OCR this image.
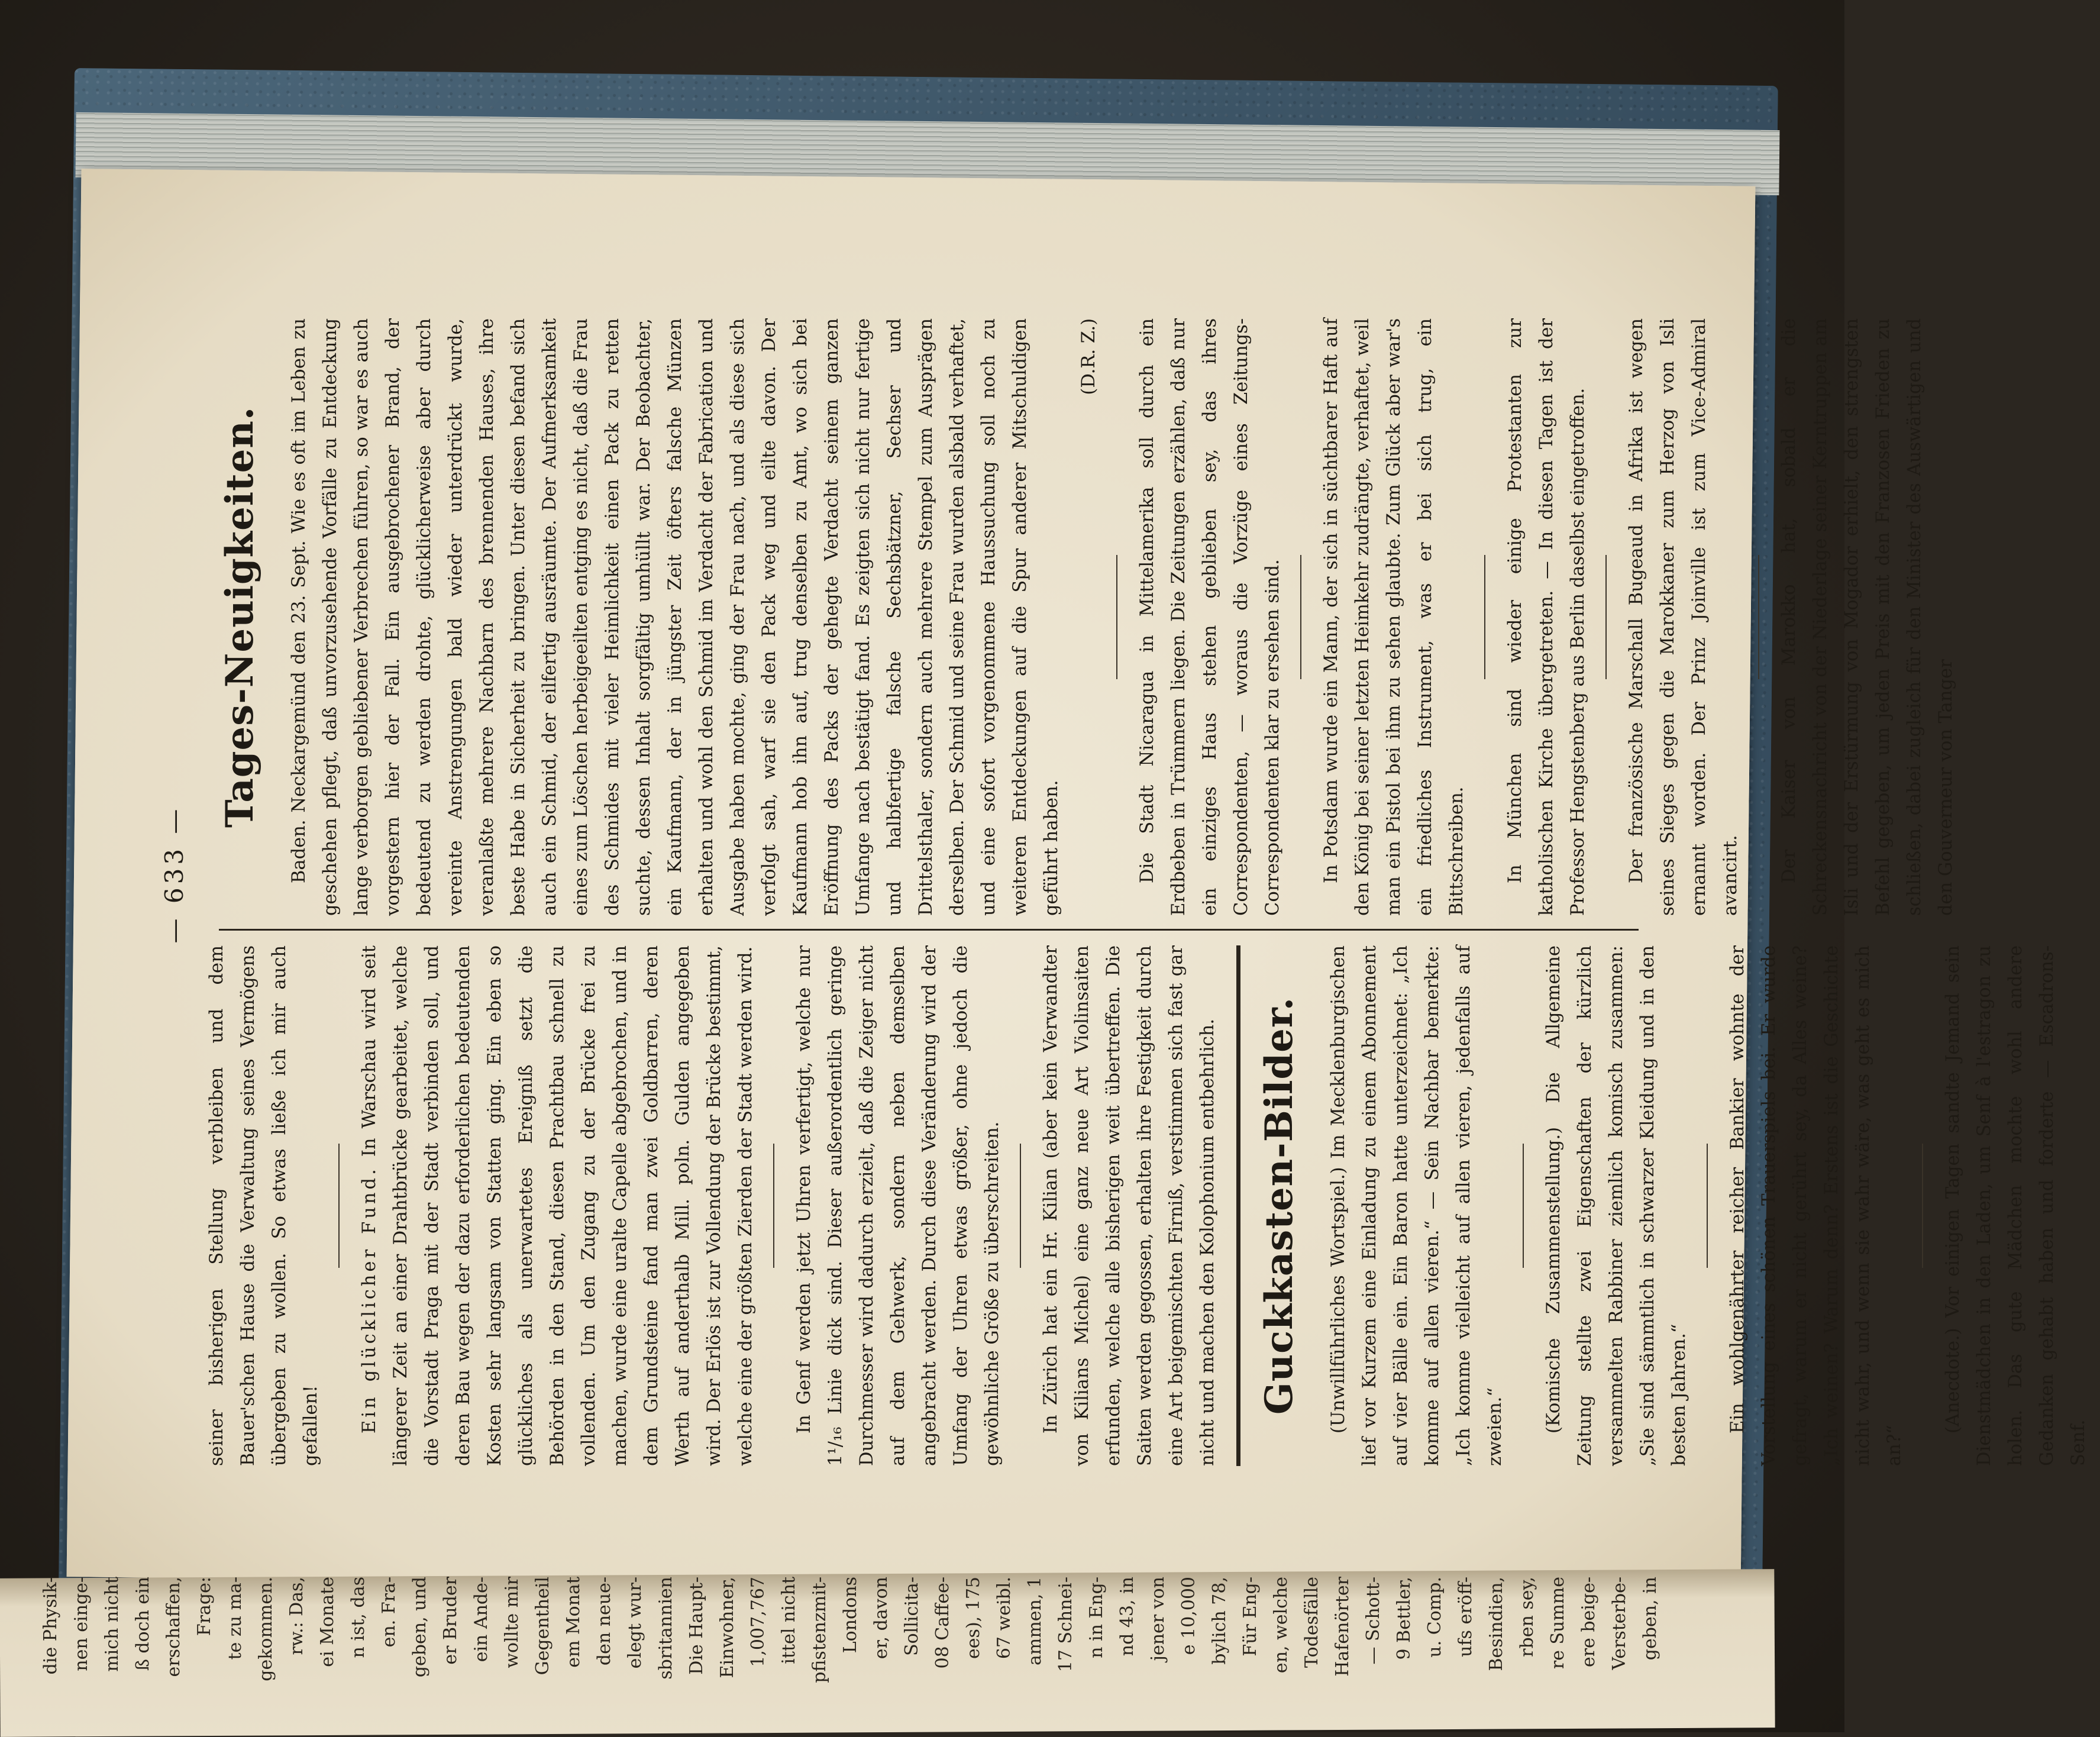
— 633 —

seiner bisherigen Stellung verbleiben und dem Bauer'schen Hause die Verwaltung seines Vermögens übergeben zu wollen. So etwas ließe ich mir auch gefallen! Ein glücklicher Fund. In Warschau wird seit längerer Zeit an einer Drahtbrücke gearbeitet, welche die Vorstadt Praga mit der Stadt verbinden soll, und deren Bau wegen der dazu erforderlichen bedeutenden Kosten sehr langsam von Statten ging. Ein eben so glückliches als unerwartetes Ereigniß setzt die Behörden in den Stand, diesen Prachtbau schnell zu vollenden. Um den Zugang zu der Brücke frei zu machen, wurde eine uralte Capelle abgebrochen, und in dem Grundsteine fand man zwei Goldbarren, deren Werth auf anderthalb Mill. poln. Gulden angegeben wird. Der Erlös ist zur Vollendung der Brücke bestimmt, welche eine der größten Zierden der Stadt werden wird. In Genf werden jetzt Uhren verfertigt, welche nur 1¹/₁₆ Linie dick sind. Dieser außerordentlich geringe Durchmesser wird dadurch erzielt, daß die Zeiger nicht auf dem Gehwerk, sondern neben demselben angebracht werden. Durch diese Veränderung wird der Umfang der Uhren etwas größer, ohne jedoch die gewöhnliche Größe zu überschreiten. In Zürich hat ein Hr. Kilian (aber kein Verwandter von Kilians Michel) eine ganz neue Art Violinsaiten erfunden, welche alle bisherigen weit übertreffen. Die Saiten werden gegossen, erhalten ihre Festigkeit durch eine Art beigemischten Firniß, verstimmen sich fast gar nicht und machen den Kolophonium entbehrlich. Guckkasten-Bilder. (Unwillführliches Wortspiel.) Im Mecklenburgischen lief vor Kurzem eine Einladung zu einem Abonnement auf vier Bälle ein. Ein Baron hatte unterzeichnet: „Ich komme auf allen vieren.“ — Sein Nachbar bemerkte: „Ich komme vielleicht auf allen vieren, jedenfalls auf zweien.“ (Komische Zusammenstellung.) Die Allgemeine Zeitung stellte zwei Eigenschaften der kürzlich versammelten Rabbiner ziemlich komisch zusammen: „Sie sind sämmtlich in schwarzer Kleidung und in den besten Jahren.“ Ein wohlgenährter reicher Bankier wohnte der Vorstellung eines schönen Trauerspiels bei. Er wurde gefragt, warum er nicht gerührt sey, da Alles weine? „Ich weinen? Warum denn? Erstens ist die Geschichte nicht wahr, und wenn sie wahr wäre, was geht es mich an?“

(Anecdote.) Vor einigen Tagen sandte Jemand sein Dienstmädchen in den Laden, um Senf à l'estragon zu holen. Das gute Mädchen mochte wohl andere Gedanken gehabt haben und forderte — Escadrons-Senf.

Tages-Neuigkeiten. Baden. Neckargemünd den 23. Sept. Wie es oft im Leben zu geschehen pflegt, daß unvorzusehende Vorfälle zu Entdeckung lange verborgen gebliebener Verbrechen führen, so war es auch vorgestern hier der Fall. Ein ausgebrochener Brand, der bedeutend zu werden drohte, glücklicherweise aber durch vereinte Anstrengungen bald wieder unterdrückt wurde, veranlaßte mehrere Nachbarn des brennenden Hauses, ihre beste Habe in Sicherheit zu bringen. Unter diesen befand sich auch ein Schmid, der eilfertig ausräumte. Der Aufmerksamkeit eines zum Löschen herbeigeeilten entging es nicht, daß die Frau des Schmides mit vieler Heimlichkeit einen Pack zu retten suchte, dessen Inhalt sorgfältig umhüllt war. Der Beobachter, ein Kaufmann, der in jüngster Zeit öfters falsche Münzen erhalten und wohl den Schmid im Verdacht der Fabrication und Ausgabe haben mochte, ging der Frau nach, und als diese sich verfolgt sah, warf sie den Pack weg und eilte davon. Der Kaufmann hob ihn auf, trug denselben zu Amt, wo sich bei Eröffnung des Packs der gehegte Verdacht seinem ganzen Umfange nach bestätigt fand. Es zeigten sich nicht nur fertige und halbfertige falsche Sechsbätzner, Sechser und Drittelsthaler, sondern auch mehrere Stempel zum Ausprägen derselben. Der Schmid und seine Frau wurden alsbald verhaftet, und eine sofort vorgenommene Haussuchung soll noch zu weiteren Entdeckungen auf die Spur anderer Mitschuldigen geführt haben.

(D.R. Z.) Die Stadt Nicaragua in Mittelamerika soll durch ein Erdbeben in Trümmern liegen. Die Zeitungen erzählen, daß nur ein einziges Haus stehen geblieben sey, das ihres Correspondenten, — woraus die Vorzüge eines Zeitungs-Correspondenten klar zu ersehen sind. In Potsdam wurde ein Mann, der sich in süchtbarer Haft auf den König bei seiner letzten Heimkehr zudrängte, verhaftet, weil man ein Pistol bei ihm zu sehen glaubte. Zum Glück aber war's ein friedliches Instrument, was er bei sich trug, ein Bittschreiben. In München sind wieder einige Protestanten zur katholischen Kirche übergetreten. — In diesen Tagen ist der Professor Hengstenberg aus Berlin daselbst eingetroffen. Der französische Marschall Bugeaud in Afrika ist wegen seines Sieges gegen die Marokkaner zum Herzog von Isli ernannt worden. Der Prinz Joinville ist zum Vice-Admiral avancirt. Der Kaiser von Marokko hat, sobald er die Schreckensnachricht von der Niederlage seiner Kerntruppen am Isli und der Erstürmung von Mogador erhielt, den strengsten Befehl gegeben, um jeden Preis mit den Franzosen Frieden zu schließen, dabei zugleich für den Minister des Auswärtigen und den Gouverneur von Tanger

die Physik- nen einge- mich nicht ß doch ein erschaffen, Frage: te zu ma- gekommen. rw.: Das, ei Monate n ist, das en. Fra- geben, und er Bruder ein Ande- wollte mir Gegentheil em Monat den neue- elegt wur- sbritannien Die Haupt- Einwohner, 1,007,767 ittel nicht pfistenzmit- Londons er, davon Sollicita- 08 Caffee- ees), 175 67 weibl. ammen, 1 17 Schnei- n in Eng- nd 43, in jener von e 10,000 bylich 78, Für Eng- en, welche Todesfälle Hafenörter — Schott- 9 Bettler, u. Comp. ufs eröff- Besindien, rben sey, re Summe ere beige- Versterbe- geben, in
